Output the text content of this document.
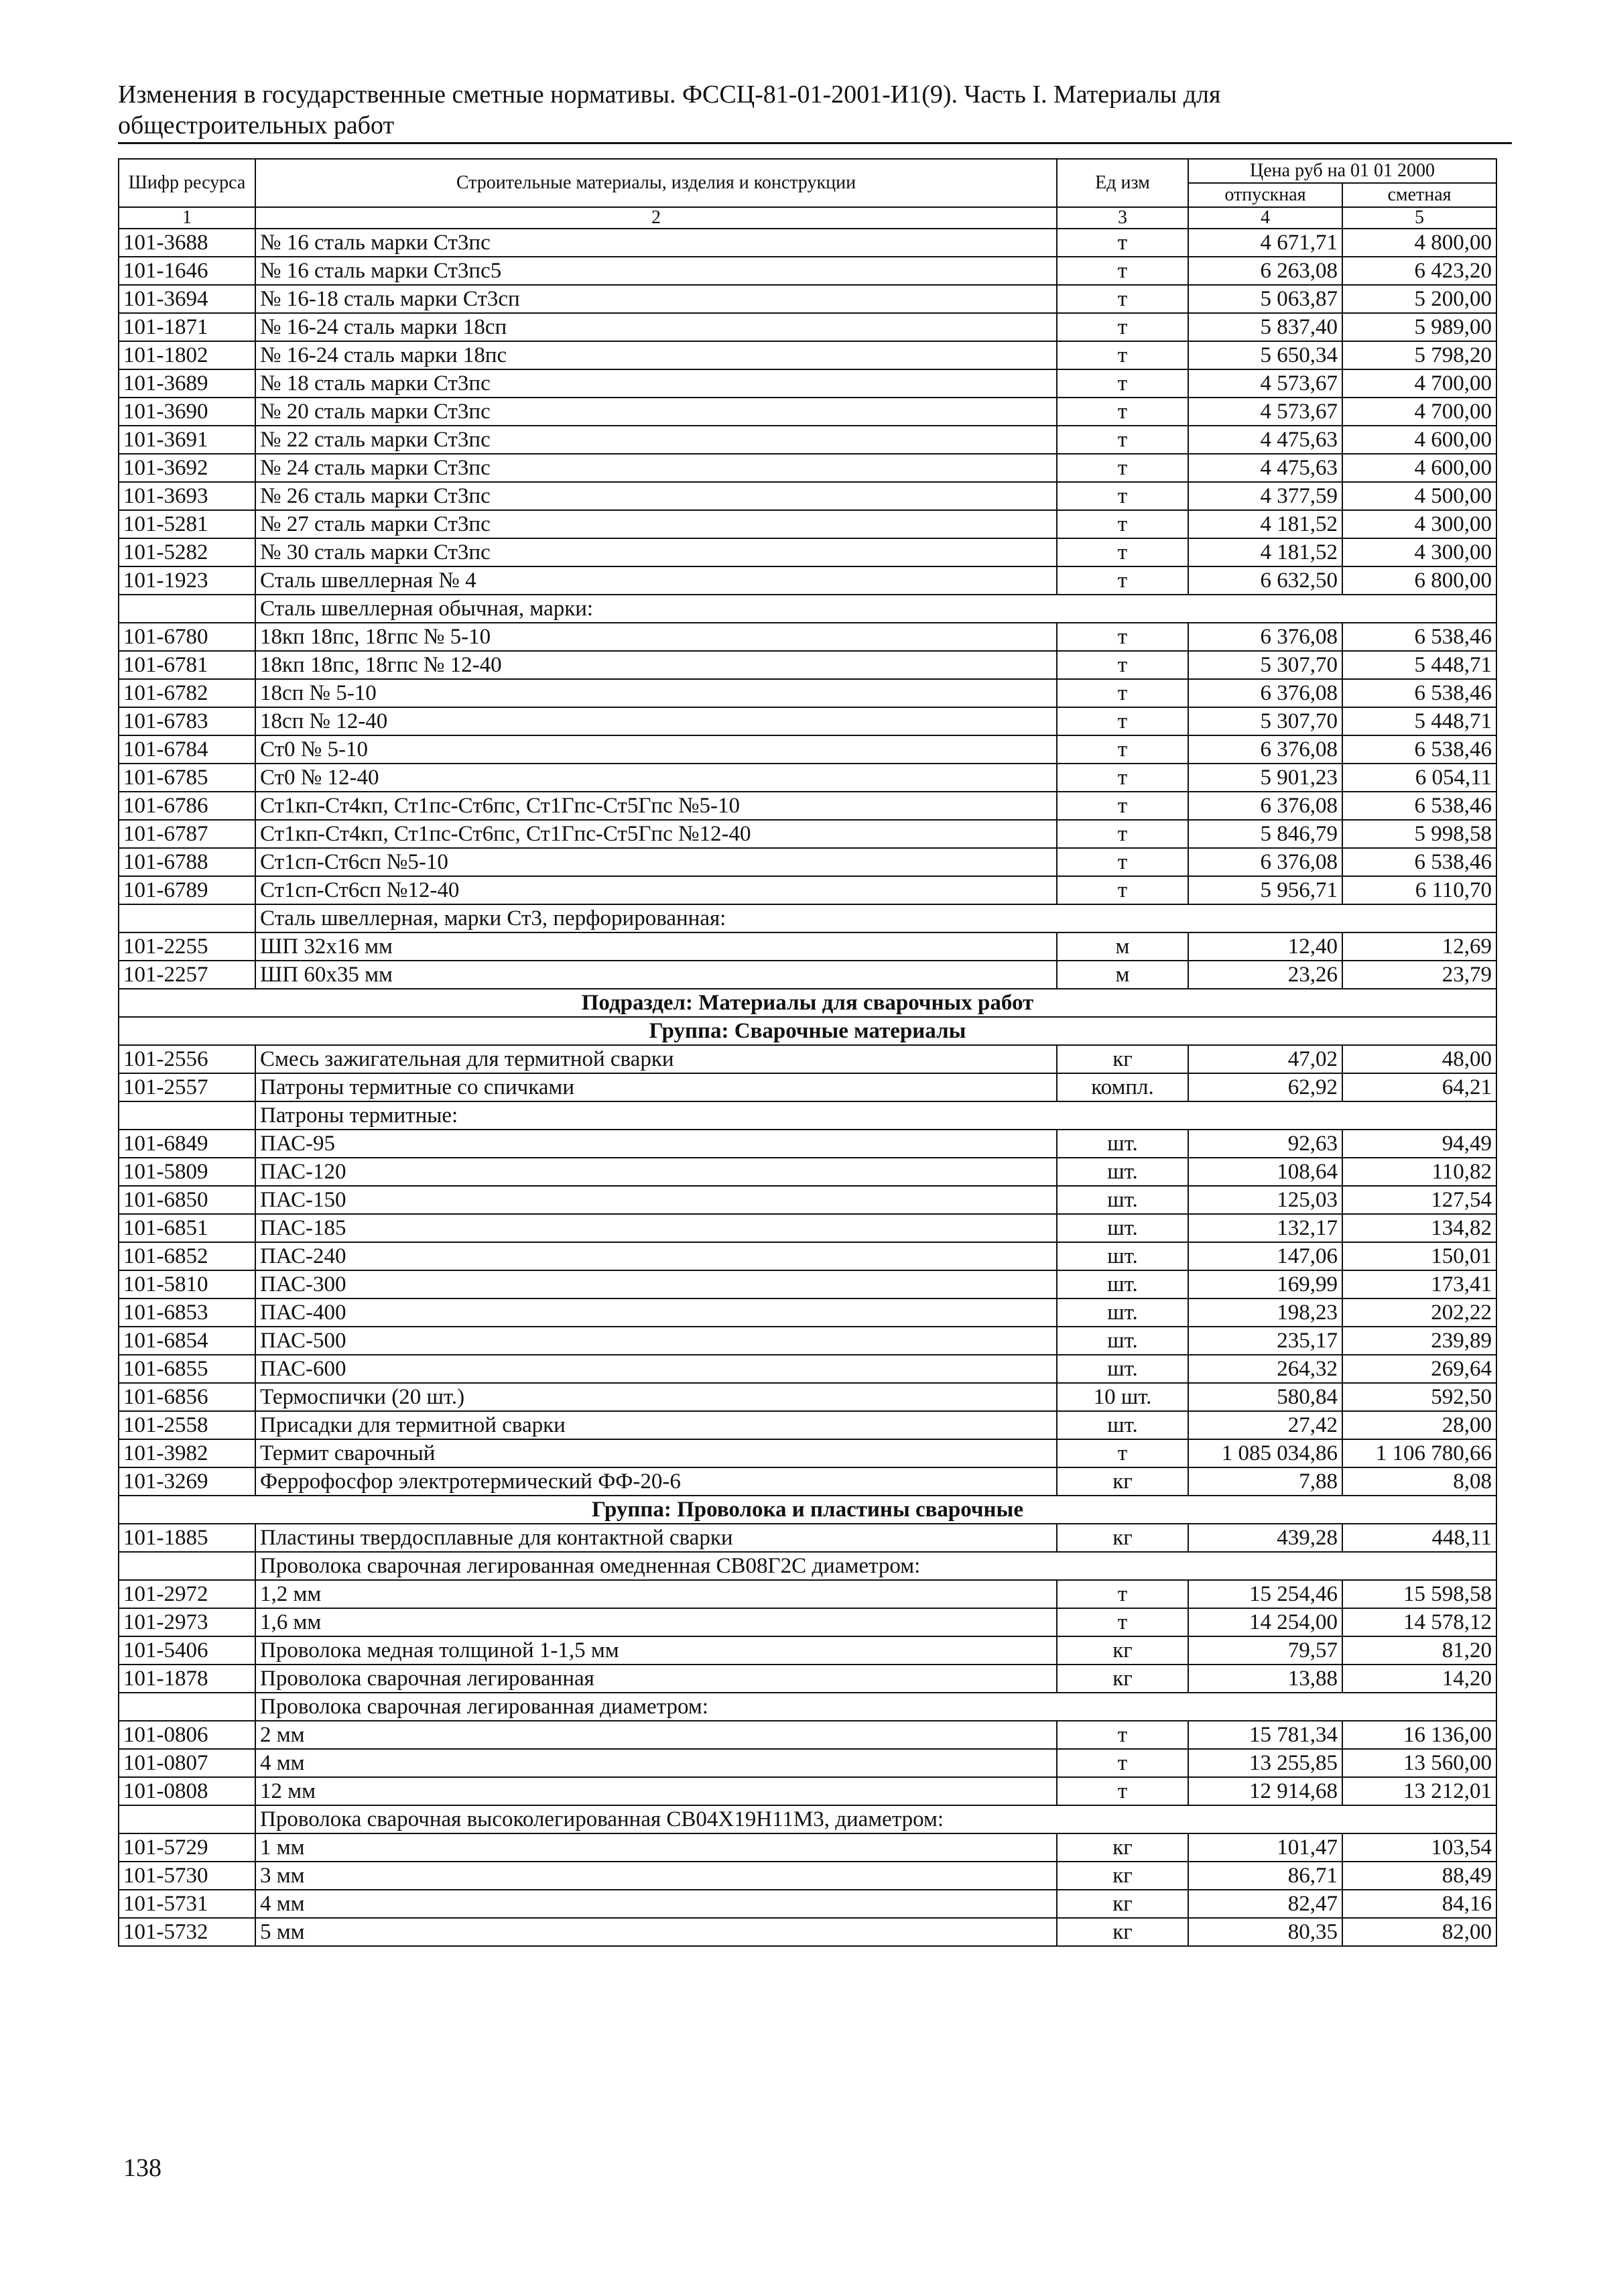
Изменения в государственные сметные нормативы. ФССЦ-81-01-2001-И1(9). Часть I. Материалы для
общестроительных работ
Шифр ресурса	Строительные материалы, изделия и конструкции	Ед изм	Цена руб на 01 01 2000	
			отпускная	сметная
1	2	3	4	5
101-3688	№ 16 сталь марки Ст3пс	т	4 671,71	4 800,00
101-1646	№ 16 сталь марки Ст3пс5	т	6 263,08	6 423,20
101-3694	№ 16-18 сталь марки Ст3сп	т	5 063,87	5 200,00
101-1871	№ 16-24 сталь марки 18сп	т	5 837,40	5 989,00
101-1802	№ 16-24 сталь марки 18пс	т	5 650,34	5 798,20
101-3689	№ 18 сталь марки Ст3пс	т	4 573,67	4 700,00
101-3690	№ 20 сталь марки Ст3пс	т	4 573,67	4 700,00
101-3691	№ 22 сталь марки Ст3пс	т	4 475,63	4 600,00
101-3692	№ 24 сталь марки Ст3пс	т	4 475,63	4 600,00
101-3693	№ 26 сталь марки Ст3пс	т	4 377,59	4 500,00
101-5281	№ 27 сталь марки Ст3пс	т	4 181,52	4 300,00
101-5282	№ 30 сталь марки Ст3пс	т	4 181,52	4 300,00
101-1923	Сталь швеллерная № 4	т	6 632,50	6 800,00
	Сталь швеллерная обычная, марки:			
101-6780	18кп 18пс, 18гпс № 5-10	т	6 376,08	6 538,46
101-6781	18кп 18пс, 18гпс № 12-40	т	5 307,70	5 448,71
101-6782	18сп № 5-10	т	6 376,08	6 538,46
101-6783	18сп № 12-40	т	5 307,70	5 448,71
101-6784	Ст0 № 5-10	т	6 376,08	6 538,46
101-6785	Ст0 № 12-40	т	5 901,23	6 054,11
101-6786	Ст1кп-Ст4кп, Ст1пс-Ст6пс, Ст1Гпс-Ст5Гпс №5-10	т	6 376,08	6 538,46
101-6787	Ст1кп-Ст4кп, Ст1пс-Ст6пс, Ст1Гпс-Ст5Гпс №12-40	т	5 846,79	5 998,58
101-6788	Ст1сп-Ст6сп №5-10	т	6 376,08	6 538,46
101-6789	Ст1сп-Ст6сп №12-40	т	5 956,71	6 110,70
	Сталь швеллерная, марки Ст3, перфорированная:			
101-2255	ШП 32х16 мм	м	12,40	12,69
101-2257	ШП 60х35 мм	м	23,26	23,79
Подраздел: Материалы для сварочных работ				
Группа: Сварочные материалы				
101-2556	Смесь зажигательная для термитной сварки	кг	47,02	48,00
101-2557	Патроны термитные со спичками	компл.	62,92	64,21
	Патроны термитные:			
101-6849	ПАС-95	шт.	92,63	94,49
101-5809	ПАС-120	шт.	108,64	110,82
101-6850	ПАС-150	шт.	125,03	127,54
101-6851	ПАС-185	шт.	132,17	134,82
101-6852	ПАС-240	шт.	147,06	150,01
101-5810	ПАС-300	шт.	169,99	173,41
101-6853	ПАС-400	шт.	198,23	202,22
101-6854	ПАС-500	шт.	235,17	239,89
101-6855	ПАС-600	шт.	264,32	269,64
101-6856	Термоспички (20 шт.)	10 шт.	580,84	592,50
101-2558	Присадки для термитной сварки	шт.	27,42	28,00
101-3982	Термит сварочный	т	1 085 034,86	1 106 780,66
101-3269	Феррофосфор электротермический ФФ-20-6	кг	7,88	8,08
Группа: Проволока и пластины сварочные				
101-1885	Пластины твердосплавные для контактной сварки	кг	439,28	448,11
	Проволока сварочная легированная омедненная СВ08Г2С диаметром:			
101-2972	1,2 мм	т	15 254,46	15 598,58
101-2973	1,6 мм	т	14 254,00	14 578,12
101-5406	Проволока медная толщиной 1-1,5 мм	кг	79,57	81,20
101-1878	Проволока сварочная легированная	кг	13,88	14,20
	Проволока сварочная легированная диаметром:			
101-0806	2 мм	т	15 781,34	16 136,00
101-0807	4 мм	т	13 255,85	13 560,00
101-0808	12 мм	т	12 914,68	13 212,01
	Проволока сварочная высоколегированная СВ04Х19Н11М3, диаметром:			
101-5729	1 мм	кг	101,47	103,54
101-5730	3 мм	кг	86,71	88,49
101-5731	4 мм	кг	82,47	84,16
101-5732	5 мм	кг	80,35	82,00
138
